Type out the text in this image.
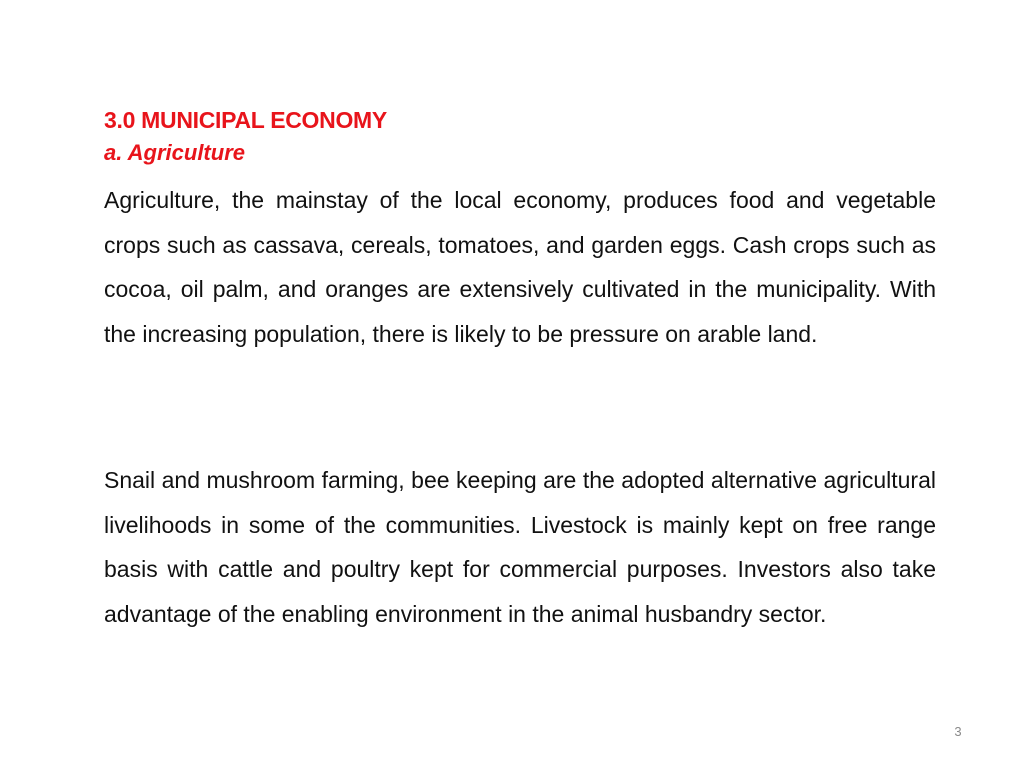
3.0 MUNICIPAL ECONOMY
a. Agriculture

Agriculture, the mainstay of the local economy, produces food and vegetable crops such as cassava, cereals, tomatoes, and garden eggs. Cash crops such as cocoa, oil palm, and oranges are extensively cultivated in the municipality. With the increasing population, there is likely to be pressure on arable land.

Snail and mushroom farming, bee keeping are the adopted alternative agricultural livelihoods in some of the communities. Livestock is mainly kept on free range basis with cattle and poultry kept for commercial purposes. Investors also take advantage of the enabling environment in the animal husbandry sector.

3
